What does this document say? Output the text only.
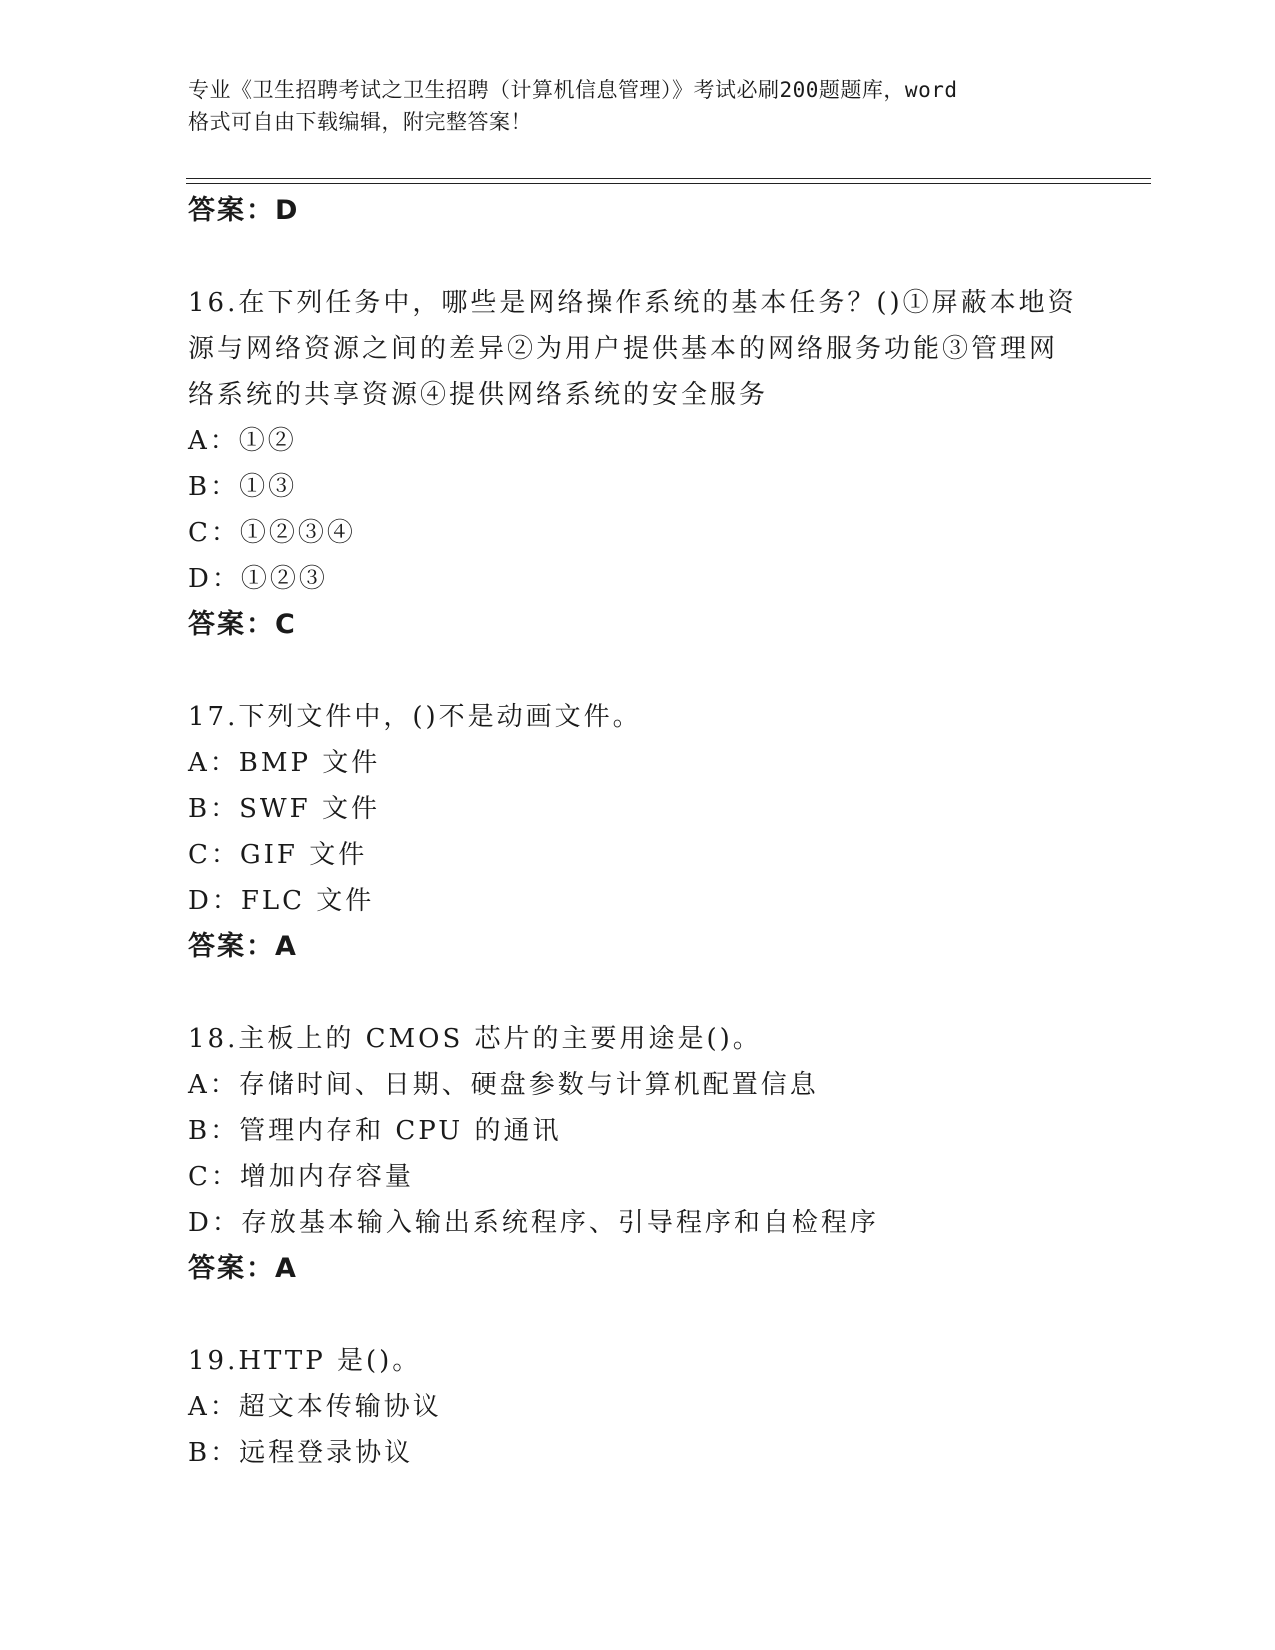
专业《卫生招聘考试之卫生招聘（计算机信息管理）》考试必刷200题题库，word
格式可自由下载编辑，附完整答案！
答案：D
16.在下列任务中，哪些是网络操作系统的基本任务？()①屏蔽本地资
源与网络资源之间的差异②为用户提供基本的网络服务功能③管理网
络系统的共享资源④提供网络系统的安全服务
A：①②
B：①③
C：①②③④
D：①②③
答案：C
17.下列文件中，()不是动画文件。
A：BMP 文件
B：SWF 文件
C：GIF 文件
D：FLC 文件
答案：A
18.主板上的 CMOS 芯片的主要用途是()。
A：存储时间、日期、硬盘参数与计算机配置信息
B：管理内存和 CPU 的通讯
C：增加内存容量
D：存放基本输入输出系统程序、引导程序和自检程序
答案：A
19.HTTP 是()。
A：超文本传输协议
B：远程登录协议
